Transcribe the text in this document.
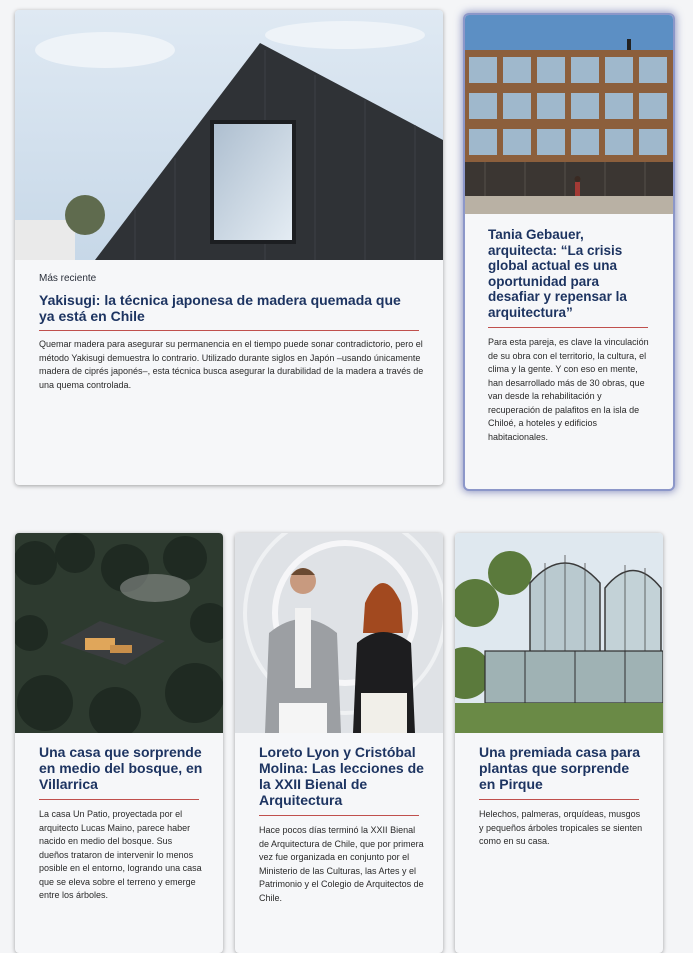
Más reciente
Yakisugi: la técnica japonesa de madera quemada que ya está en Chile

Quemar madera para asegurar su permanencia en el tiempo puede sonar contradictorio, pero el método Yakisugi demuestra lo contrario. Utilizado durante siglos en Japón –usando únicamente madera de ciprés japonés–, esta técnica busca asegurar la durabilidad de la madera a través de una quema controlada.

Tania Gebauer, arquitecta: “La crisis global actual es una oportunidad para desafiar y repensar la arquitectura”

Para esta pareja, es clave la vinculación de su obra con el territorio, la cultura, el clima y la gente. Y con eso en mente, han desarrollado más de 30 obras, que van desde la rehabilitación y recuperación de palafitos en la isla de Chiloé, a hoteles y edificios habitacionales.

Una casa que sorprende en medio del bosque, en Villarrica

La casa Un Patio, proyectada por el arquitecto Lucas Maino, parece haber nacido en medio del bosque. Sus dueños trataron de intervenir lo menos posible en el entorno, logrando una casa que se eleva sobre el terreno y emerge entre los árboles.

Loreto Lyon y Cristóbal Molina: Las lecciones de la XXII Bienal de Arquitectura

Hace pocos días terminó la XXII Bienal de Arquitectura de Chile, que por primera vez fue organizada en conjunto por el Ministerio de las Culturas, las Artes y el Patrimonio y el Colegio de Arquitectos de Chile.

Una premiada casa para plantas que sorprende en Pirque

Helechos, palmeras, orquídeas, musgos y pequeños árboles tropicales se sienten como en su casa.
